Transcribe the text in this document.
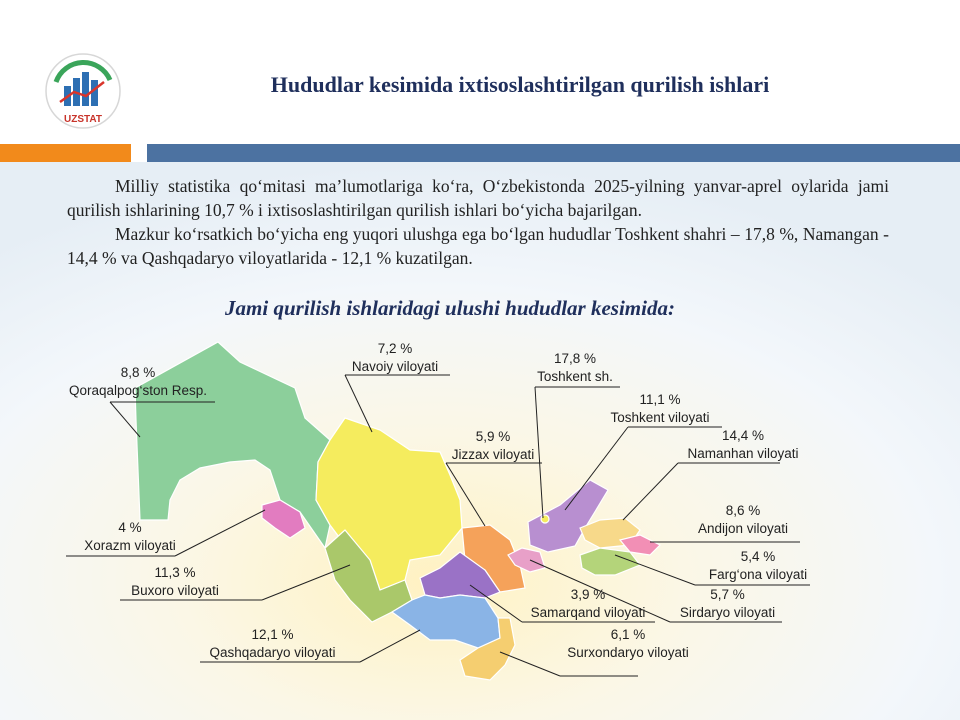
UZSTAT
Hududlar kesimida ixtisoslashtirilgan qurilish ishlari

Milliy statistika qo‘mitasi ma’lumotlariga ko‘ra, O‘zbekistonda 2025-yilning yanvar-aprel oylarida jami qurilish ishlarining 10,7 % i ixtisoslashtirilgan qurilish ishlari bo‘yicha bajarilgan.

Mazkur ko‘rsatkich bo‘yicha eng yuqori ulushga ega bo‘lgan hududlar Toshkent shahri – 17,8 %, Namangan - 14,4 % va Qashqadaryo viloyatlarida - 12,1 % kuzatilgan.

Jami qurilish ishlaridagi ulushi hududlar kesimida:
8,8 %
Qoraqalpog‘ston Resp.
7,2 %
Navoiy viloyati
17,8 %
Toshkent sh.
11,1 %
Toshkent viloyati
5,9 %
Jizzax viloyati
14,4 %
Namanhan viloyati
8,6 %
Andijon viloyati
4 %
Xorazm viloyati
5,4 %
Farg‘ona viloyati
5,7 %
Sirdaryo viloyati
11,3 %
Buxoro viloyati	3,9 %
Samarqand viloyati
6,1 %
Surxondaryo viloyati
12,1 %
Qashqadaryo viloyati
